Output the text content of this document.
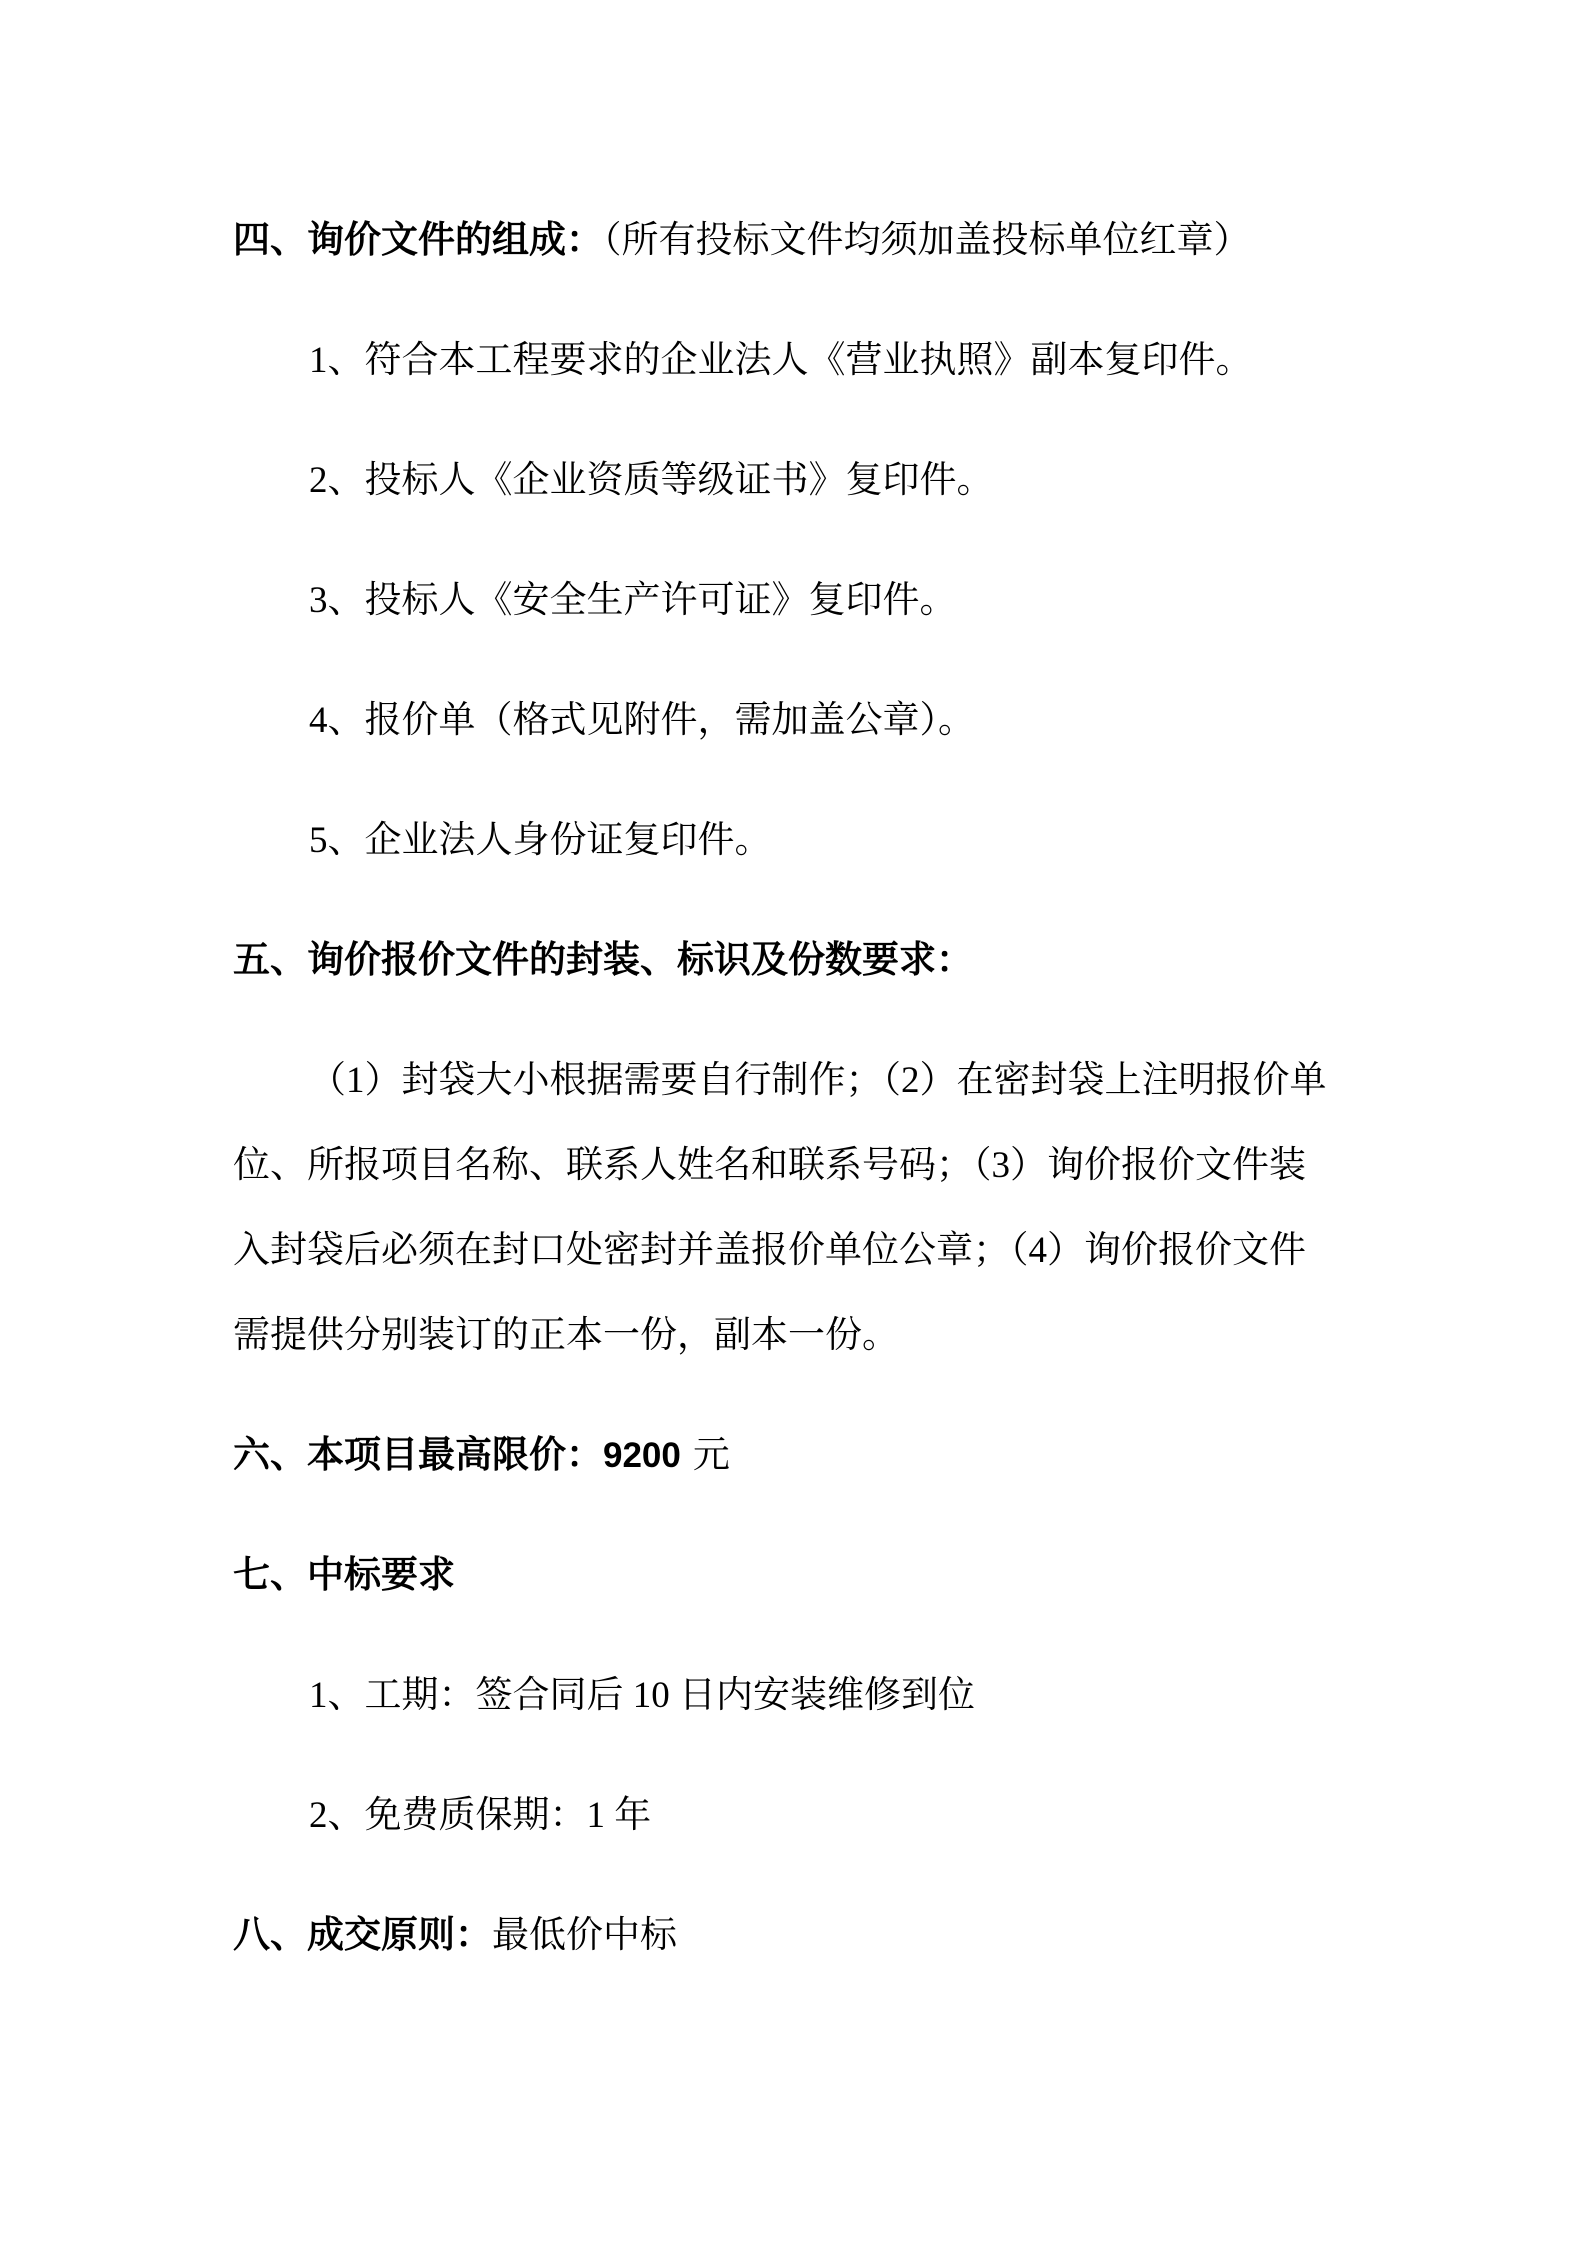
四、询价文件的组成：（所有投标文件均须加盖投标单位红章）
1、符合本工程要求的企业法人《营业执照》副本复印件。
2、投标人《企业资质等级证书》复印件。
3、投标人《安全生产许可证》复印件。
4、报价单（格式见附件，需加盖公章）。
5、企业法人身份证复印件。
五、询价报价文件的封装、标识及份数要求：
（1）封袋大小根据需要自行制作；（2）在密封袋上注明报价单
位、所报项目名称、联系人姓名和联系号码；（3）询价报价文件装
入封袋后必须在封口处密封并盖报价单位公章；（4）询价报价文件
需提供分别装订的正本一份，副本一份。
六、本项目最高限价：9200 元
七、中标要求
1、工期：签合同后 10 日内安装维修到位
2、免费质保期：1 年
八、成交原则：最低价中标
